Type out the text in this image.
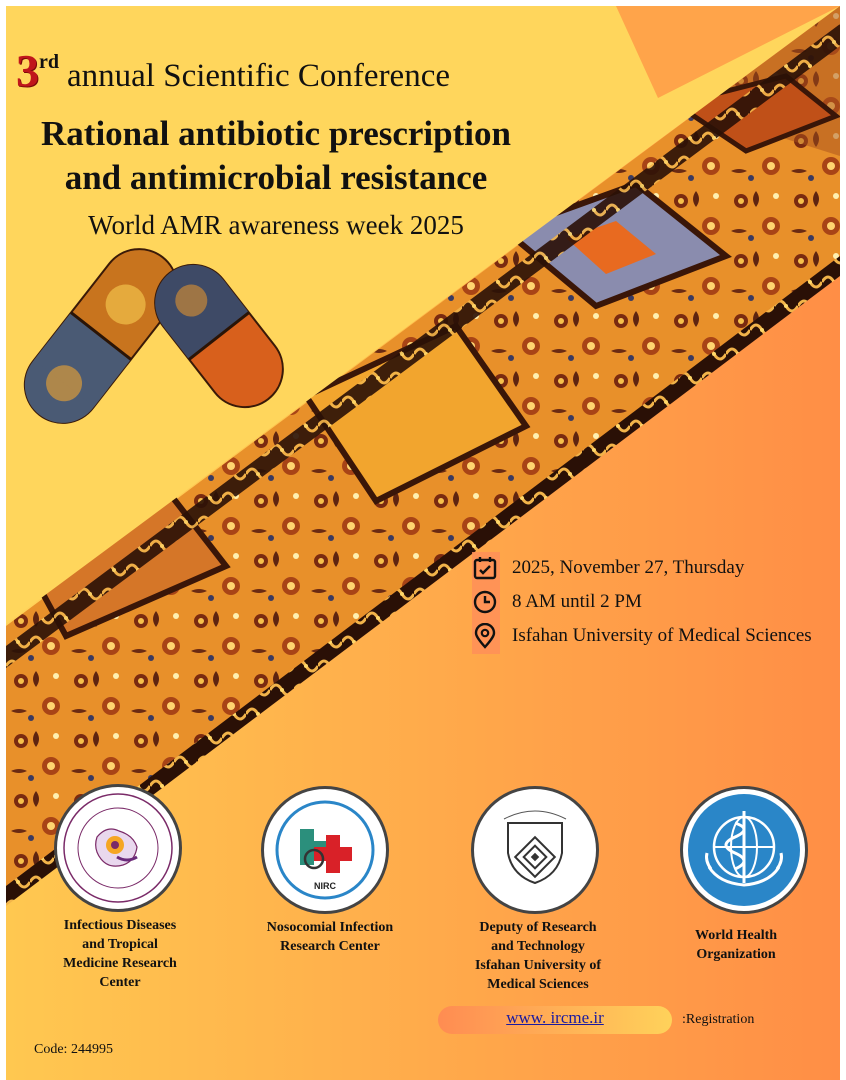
3rd annual Scientific Conference
Rational antibiotic prescription
and antimicrobial resistance
World AMR awareness week 2025
2025, November 27, Thursday
8 AM until 2 PM
Isfahan University of Medical Sciences
NIRC
Infectious Diseases
and Tropical
Medicine Research
Center
Nosocomial Infection
Research Center
Deputy of Research
and Technology
Isfahan University of
Medical Sciences
World Health
Organization
www. ircme.ir	:Registration
Code: 244995
